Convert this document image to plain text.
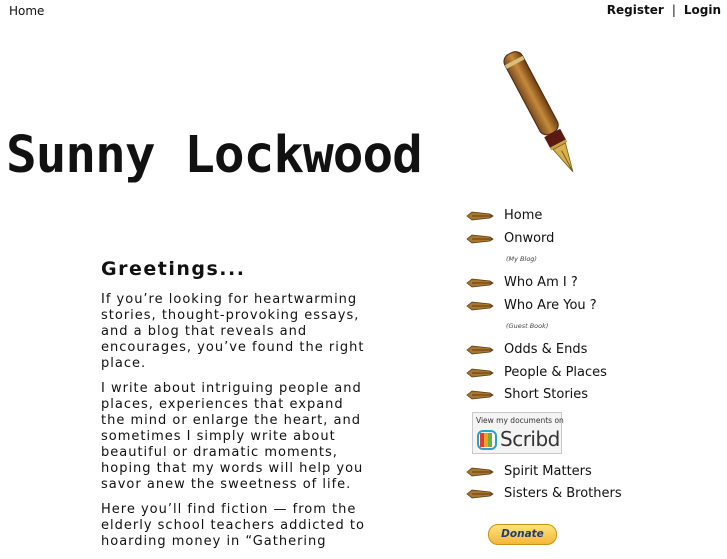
Home	Register | Login
Sunny Lockwood
Greetings...

If you’re looking for heartwarming stories, thought-provoking essays, and a blog that reveals and encourages, you’ve found the right place.

I write about intriguing people and places, experiences that expand the mind or enlarge the heart, and sometimes I simply write about beautiful or dramatic moments, hoping that my words will help you savor anew the sweetness of life.

Here you’ll find fiction — from the elderly school teachers addicted to hoarding money in “Gathering

Home
Onword
(My Blog)
Who Am I ?
Who Are You ?
(Guest Book)
Odds & Ends
People & Places
Short Stories
View my documents on
Scribd
Spirit Matters
Sisters & Brothers
Donate
